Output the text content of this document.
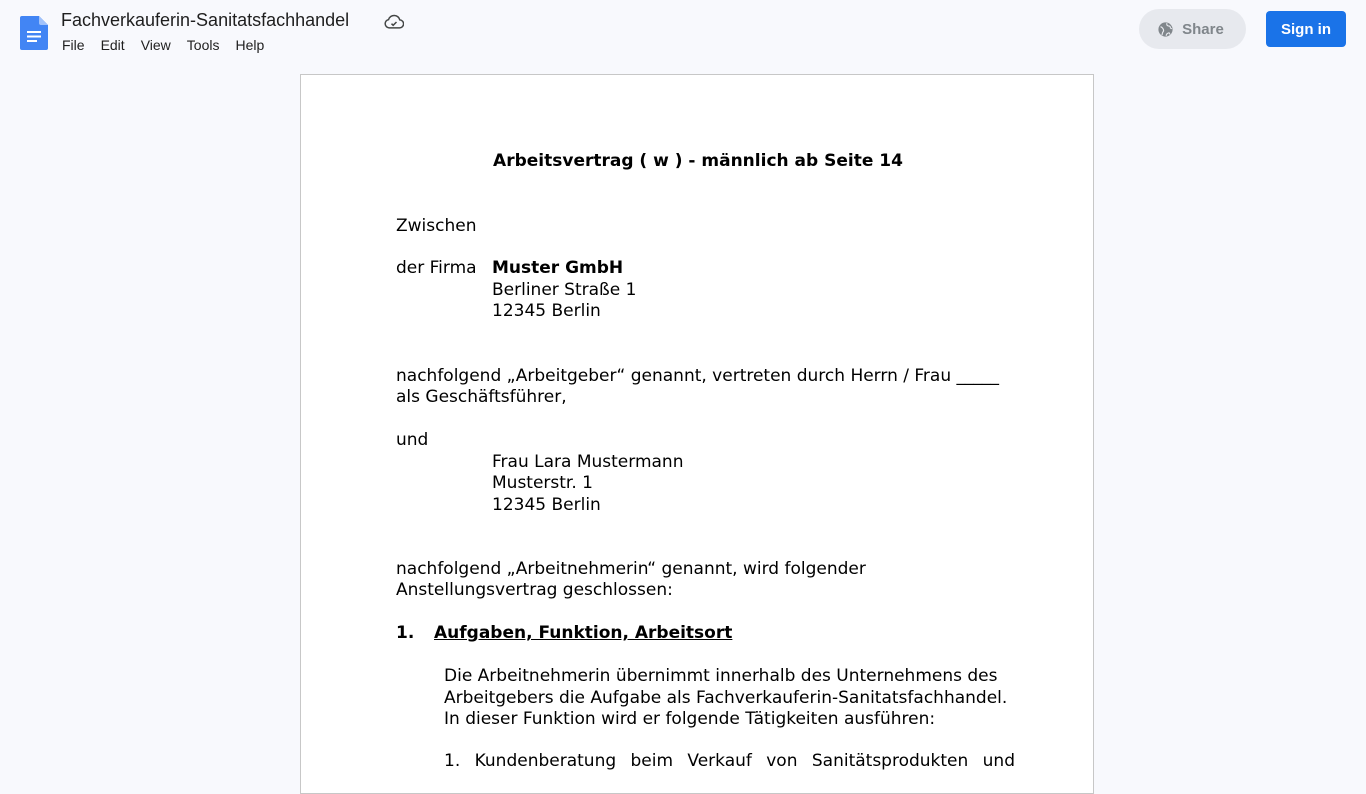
Fachverkauferin-Sanitatsfachhandel
File Edit View Tools Help
Share	Sign in
Arbeitsvertrag ( w ) - männlich ab Seite 14
Zwischen
der Firma Muster GmbH
Berliner Straße 1
12345 Berlin
nachfolgend „Arbeitgeber“ genannt, vertreten durch Herrn / Frau _____
als Geschäftsführer,
und
Frau Lara Mustermann
Musterstr. 1
12345 Berlin
nachfolgend „Arbeitnehmerin“ genannt, wird folgender
Anstellungsvertrag geschlossen:
1. Aufgaben, Funktion, Arbeitsort
Die Arbeitnehmerin übernimmt innerhalb des Unternehmens des
Arbeitgebers die Aufgabe als Fachverkauferin-Sanitatsfachhandel.
In dieser Funktion wird er folgende Tätigkeiten ausführen:
1. Kundenberatung beim Verkauf von Sanitätsprodukten und
